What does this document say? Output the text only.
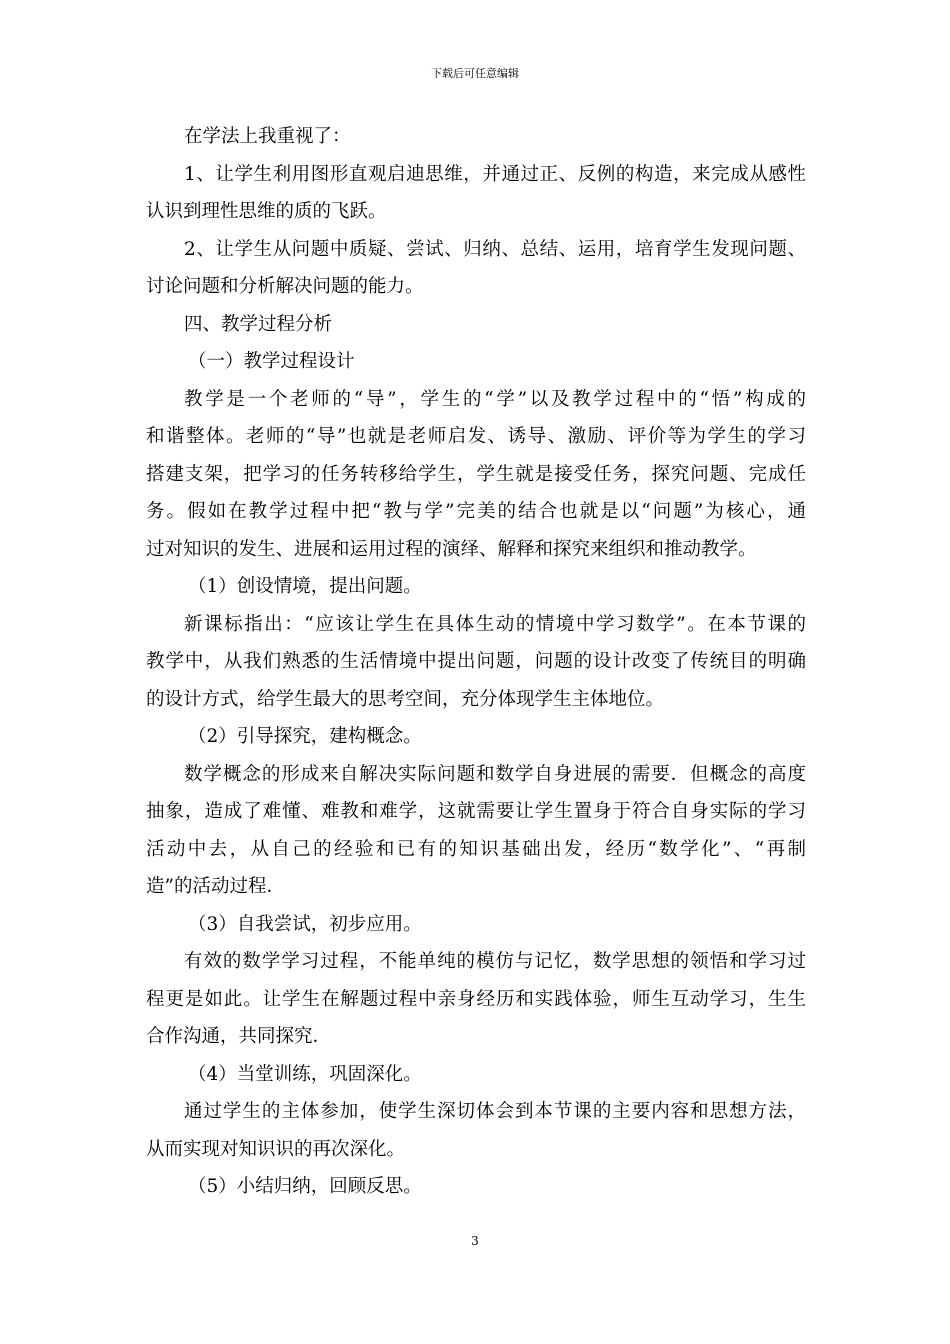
下载后可任意编辑
在学法上我重视了：
1、让学生利用图形直观启迪思维，并通过正、反例的构造，来完成从感性
认识到理性思维的质的飞跃。
2、让学生从问题中质疑、尝试、归纳、总结、运用，培育学生发现问题、
讨论问题和分析解决问题的能力。
四、教学过程分析
（一）教学过程设计
教学是一个老师的“导”，学生的“学”以及教学过程中的“悟”构成的
和谐整体。老师的“导”也就是老师启发、诱导、激励、评价等为学生的学习
搭建支架，把学习的任务转移给学生，学生就是接受任务，探究问题、完成任
务。假如在教学过程中把“教与学”完美的结合也就是以“问题”为核心，通
过对知识的发生、进展和运用过程的演绎、解释和探究来组织和推动教学。
（1）创设情境，提出问题。
新课标指出：“应该让学生在具体生动的情境中学习数学”。在本节课的
教学中，从我们熟悉的生活情境中提出问题，问题的设计改变了传统目的明确
的设计方式，给学生最大的思考空间，充分体现学生主体地位。
（2）引导探究，建构概念。
数学概念的形成来自解决实际问题和数学自身进展的需要．但概念的高度
抽象，造成了难懂、难教和难学，这就需要让学生置身于符合自身实际的学习
活动中去，从自己的经验和已有的知识基础出发，经历“数学化”、“再制
造”的活动过程．
（3）自我尝试，初步应用。
有效的数学学习过程，不能单纯的模仿与记忆，数学思想的领悟和学习过
程更是如此。让学生在解题过程中亲身经历和实践体验，师生互动学习，生生
合作沟通，共同探究．
（4）当堂训练，巩固深化。
通过学生的主体参加，使学生深切体会到本节课的主要内容和思想方法，
从而实现对知识识的再次深化。
（5）小结归纳，回顾反思。
3
